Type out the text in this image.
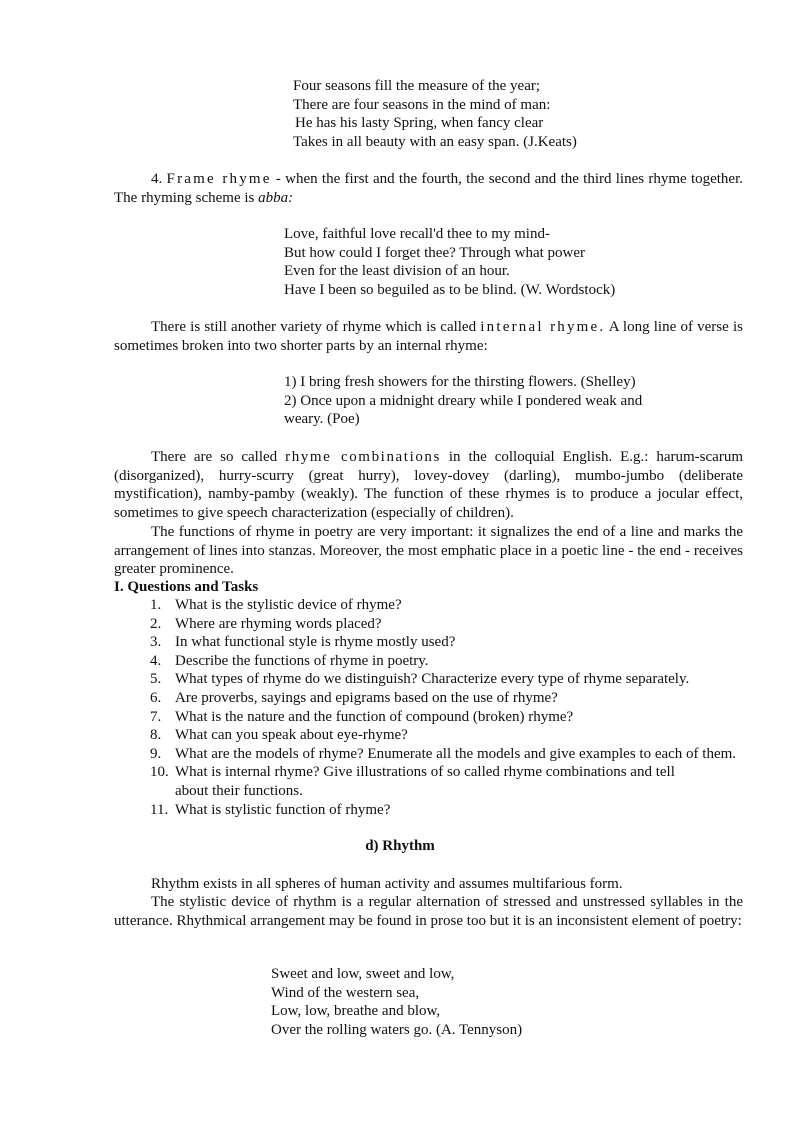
Four seasons fill the measure of the year;
There are four seasons in the mind of man:
He has his lasty Spring, when fancy clear
Takes in all beauty with an easy span. (J.Keats)
4. Frame rhyme - when the first and the fourth, the second and the third lines rhyme together. The rhyming scheme is abba:
Love, faithful love recall'd thee to my mind-
But how could I forget thee? Through what power
Even for the least division of an hour.
Have I been so beguiled as to be blind. (W. Wordstock)
There is still another variety of rhyme which is called internal rhyme. A long line of verse is sometimes broken into two shorter parts by an internal rhyme:
1) I bring fresh showers for the thirsting flowers. (Shelley)
2) Once upon a midnight dreary while I pondered weak and
weary. (Poe)
There are so called rhyme combinations in the colloquial English. E.g.: harum-scarum (disorganized), hurry-scurry (great hurry), lovey-dovey (darling), mumbo-jumbo (deliberate mystification), namby-pamby (weakly). The function of these rhymes is to produce a jocular effect, sometimes to give speech characterization (especially of children).
The functions of rhyme in poetry are very important: it signalizes the end of a line and marks the arrangement of lines into stanzas. Moreover, the most emphatic place in a poetic line - the end - receives greater prominence.
I. Questions and Tasks
1. What is the stylistic device of rhyme?
2. Where are rhyming words placed?
3. In what functional style is rhyme mostly used?
4. Describe the functions of rhyme in poetry.
5. What types of rhyme do we distinguish? Characterize every type of rhyme separately.
6. Are proverbs, sayings and epigrams based on the use of rhyme?
7. What is the nature and the function of compound (broken) rhyme?
8. What can you speak about eye-rhyme?
9. What are the models of rhyme? Enumerate all the models and give examples to each of them.
10. What is internal rhyme? Give illustrations of so called rhyme combinations and tell about their functions.
11. What is stylistic function of rhyme?
d) Rhythm
Rhythm exists in all spheres of human activity and assumes multifarious form.
The stylistic device of rhythm is a regular alternation of stressed and unstressed syllables in the utterance. Rhythmical arrangement may be found in prose too but it is an inconsistent element of poetry:
Sweet and low, sweet and low,
Wind of the western sea,
Low, low, breathe and blow,
Over the rolling waters go. (A. Tennyson)
